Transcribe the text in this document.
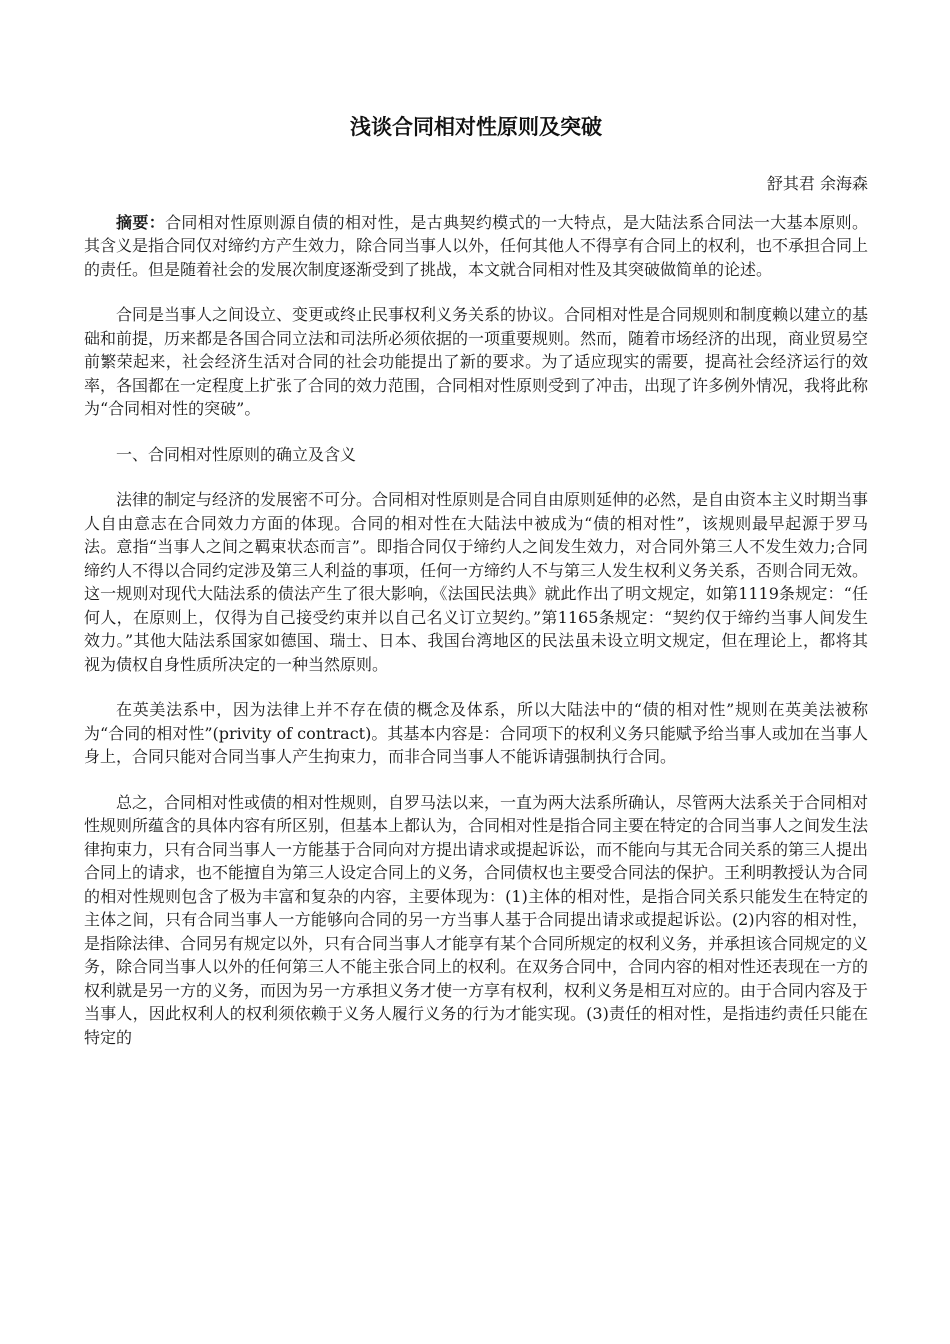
浅谈合同相对性原则及突破
舒其君 余海森

摘要：合同相对性原则源自债的相对性，是古典契约模式的一大特点，是大陆法系合同法一大基本原则。其含义是指合同仅对缔约方产生效力，除合同当事人以外，任何其他人不得享有合同上的权利，也不承担合同上的责任。但是随着社会的发展次制度逐渐受到了挑战，本文就合同相对性及其突破做简单的论述。

合同是当事人之间设立、变更或终止民事权利义务关系的协议。合同相对性是合同规则和制度赖以建立的基础和前提，历来都是各国合同立法和司法所必须依据的一项重要规则。然而，随着市场经济的出现，商业贸易空前繁荣起来，社会经济生活对合同的社会功能提出了新的要求。为了适应现实的需要，提高社会经济运行的效率，各国都在一定程度上扩张了合同的效力范围，合同相对性原则受到了冲击，出现了许多例外情况，我将此称为“合同相对性的突破”。

一、合同相对性原则的确立及含义

法律的制定与经济的发展密不可分。合同相对性原则是合同自由原则延伸的必然，是自由资本主义时期当事人自由意志在合同效力方面的体现。合同的相对性在大陆法中被成为“债的相对性”，该规则最早起源于罗马法。意指“当事人之间之羁束状态而言”。即指合同仅于缔约人之间发生效力，对合同外第三人不发生效力;合同缔约人不得以合同约定涉及第三人利益的事项，任何一方缔约人不与第三人发生权利义务关系，否则合同无效。这一规则对现代大陆法系的债法产生了很大影响，《法国民法典》就此作出了明文规定，如第1119条规定：“任何人，在原则上，仅得为自己接受约束并以自己名义订立契约。”第1165条规定：“契约仅于缔约当事人间发生效力。”其他大陆法系国家如德国、瑞士、日本、我国台湾地区的民法虽未设立明文规定，但在理论上，都将其视为债权自身性质所决定的一种当然原则。

在英美法系中，因为法律上并不存在债的概念及体系，所以大陆法中的“债的相对性”规则在英美法被称为“合同的相对性”(privity of contract)。其基本内容是：合同项下的权利义务只能赋予给当事人或加在当事人身上，合同只能对合同当事人产生拘束力，而非合同当事人不能诉请强制执行合同。

总之，合同相对性或债的相对性规则，自罗马法以来，一直为两大法系所确认，尽管两大法系关于合同相对性规则所蕴含的具体内容有所区别，但基本上都认为，合同相对性是指合同主要在特定的合同当事人之间发生法律拘束力，只有合同当事人一方能基于合同向对方提出请求或提起诉讼，而不能向与其无合同关系的第三人提出合同上的请求，也不能擅自为第三人设定合同上的义务，合同债权也主要受合同法的保护。王利明教授认为合同的相对性规则包含了极为丰富和复杂的内容，主要体现为：(1)主体的相对性，是指合同关系只能发生在特定的主体之间，只有合同当事人一方能够向合同的另一方当事人基于合同提出请求或提起诉讼。(2)内容的相对性，是指除法律、合同另有规定以外，只有合同当事人才能享有某个合同所规定的权利义务，并承担该合同规定的义务，除合同当事人以外的任何第三人不能主张合同上的权利。在双务合同中，合同内容的相对性还表现在一方的权利就是另一方的义务，而因为另一方承担义务才使一方享有权利，权利义务是相互对应的。由于合同内容及于当事人，因此权利人的权利须依赖于义务人履行义务的行为才能实现。(3)责任的相对性，是指违约责任只能在特定的
